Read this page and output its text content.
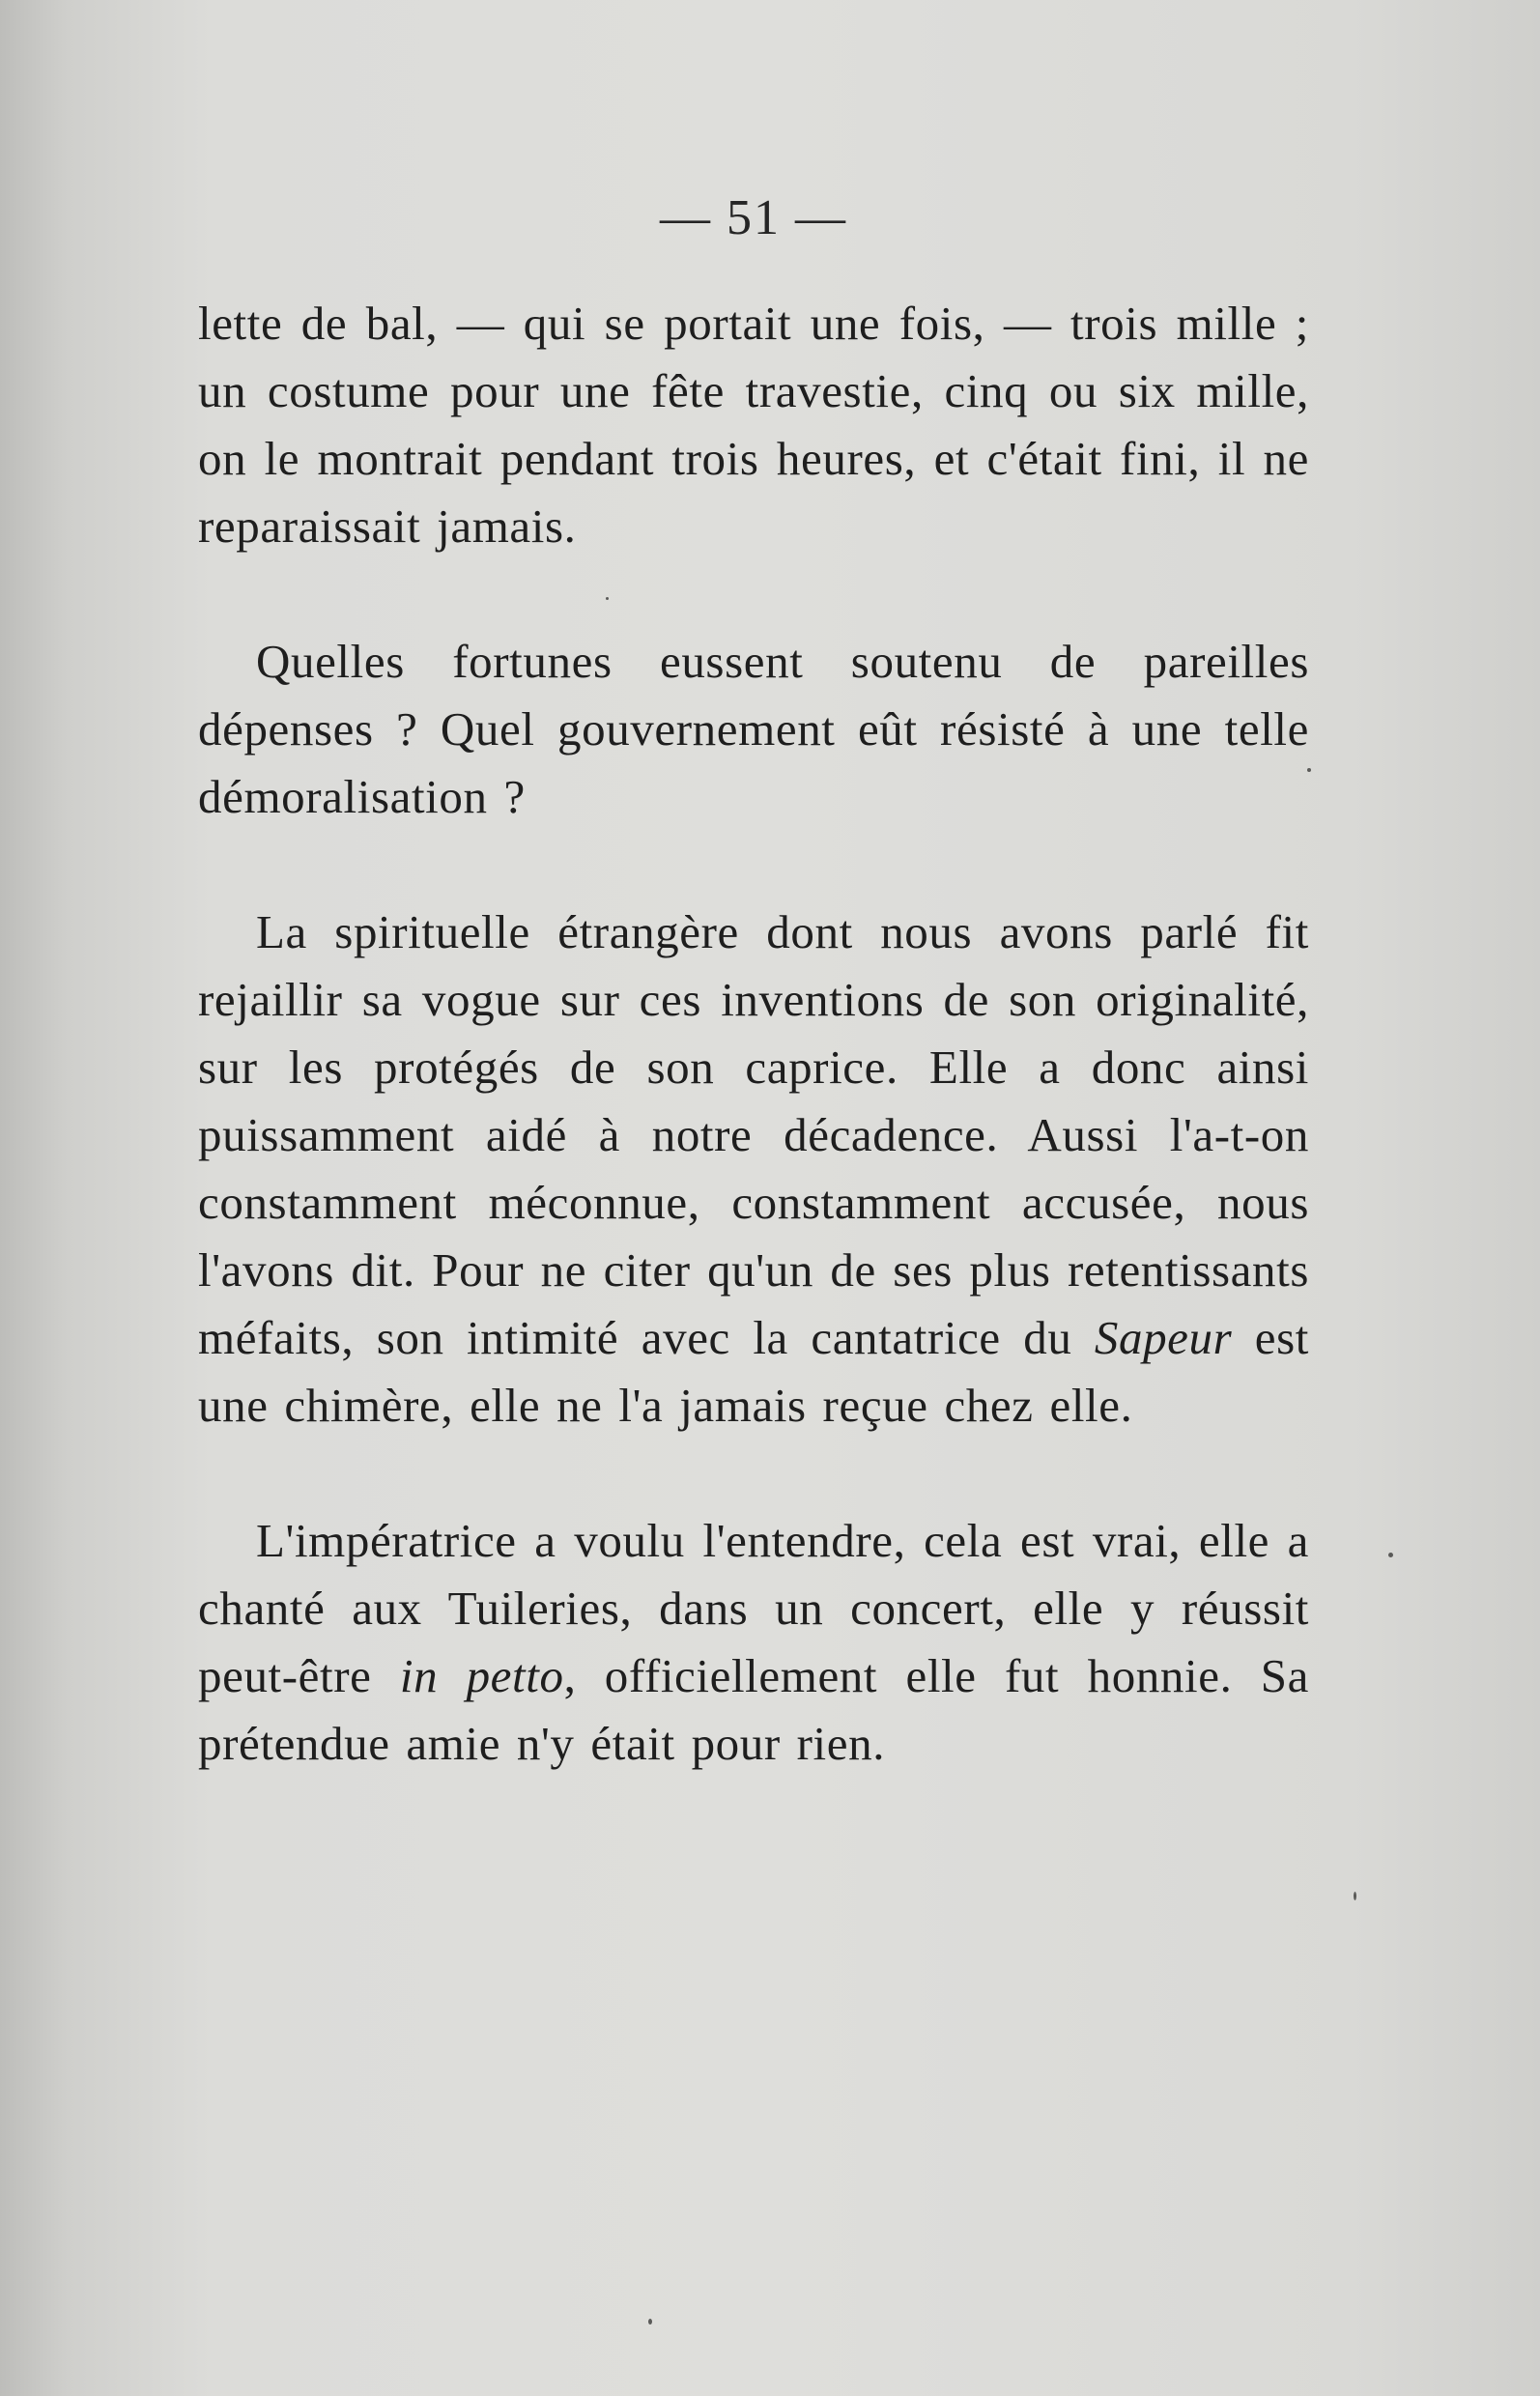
— 51 —

lette de bal, — qui se portait une fois, — trois mille ; un costume pour une fête travestie, cinq ou six mille, on le montrait pendant trois heures, et c'était fini, il ne reparaissait jamais.

Quelles fortunes eussent soutenu de pareilles dépenses ? Quel gouvernement eût résisté à une telle démoralisation ?

La spirituelle étrangère dont nous avons parlé fit rejaillir sa vogue sur ces inventions de son originalité, sur les protégés de son caprice. Elle a donc ainsi puissamment aidé à notre décadence. Aussi l'a-t-on constamment méconnue, constamment accusée, nous l'avons dit. Pour ne citer qu'un de ses plus retentissants méfaits, son intimité avec la cantatrice du Sapeur est une chimère, elle ne l'a jamais reçue chez elle.

L'impératrice a voulu l'entendre, cela est vrai, elle a chanté aux Tuileries, dans un concert, elle y réussit peut-être in petto, officiellement elle fut honnie. Sa prétendue amie n'y était pour rien.
